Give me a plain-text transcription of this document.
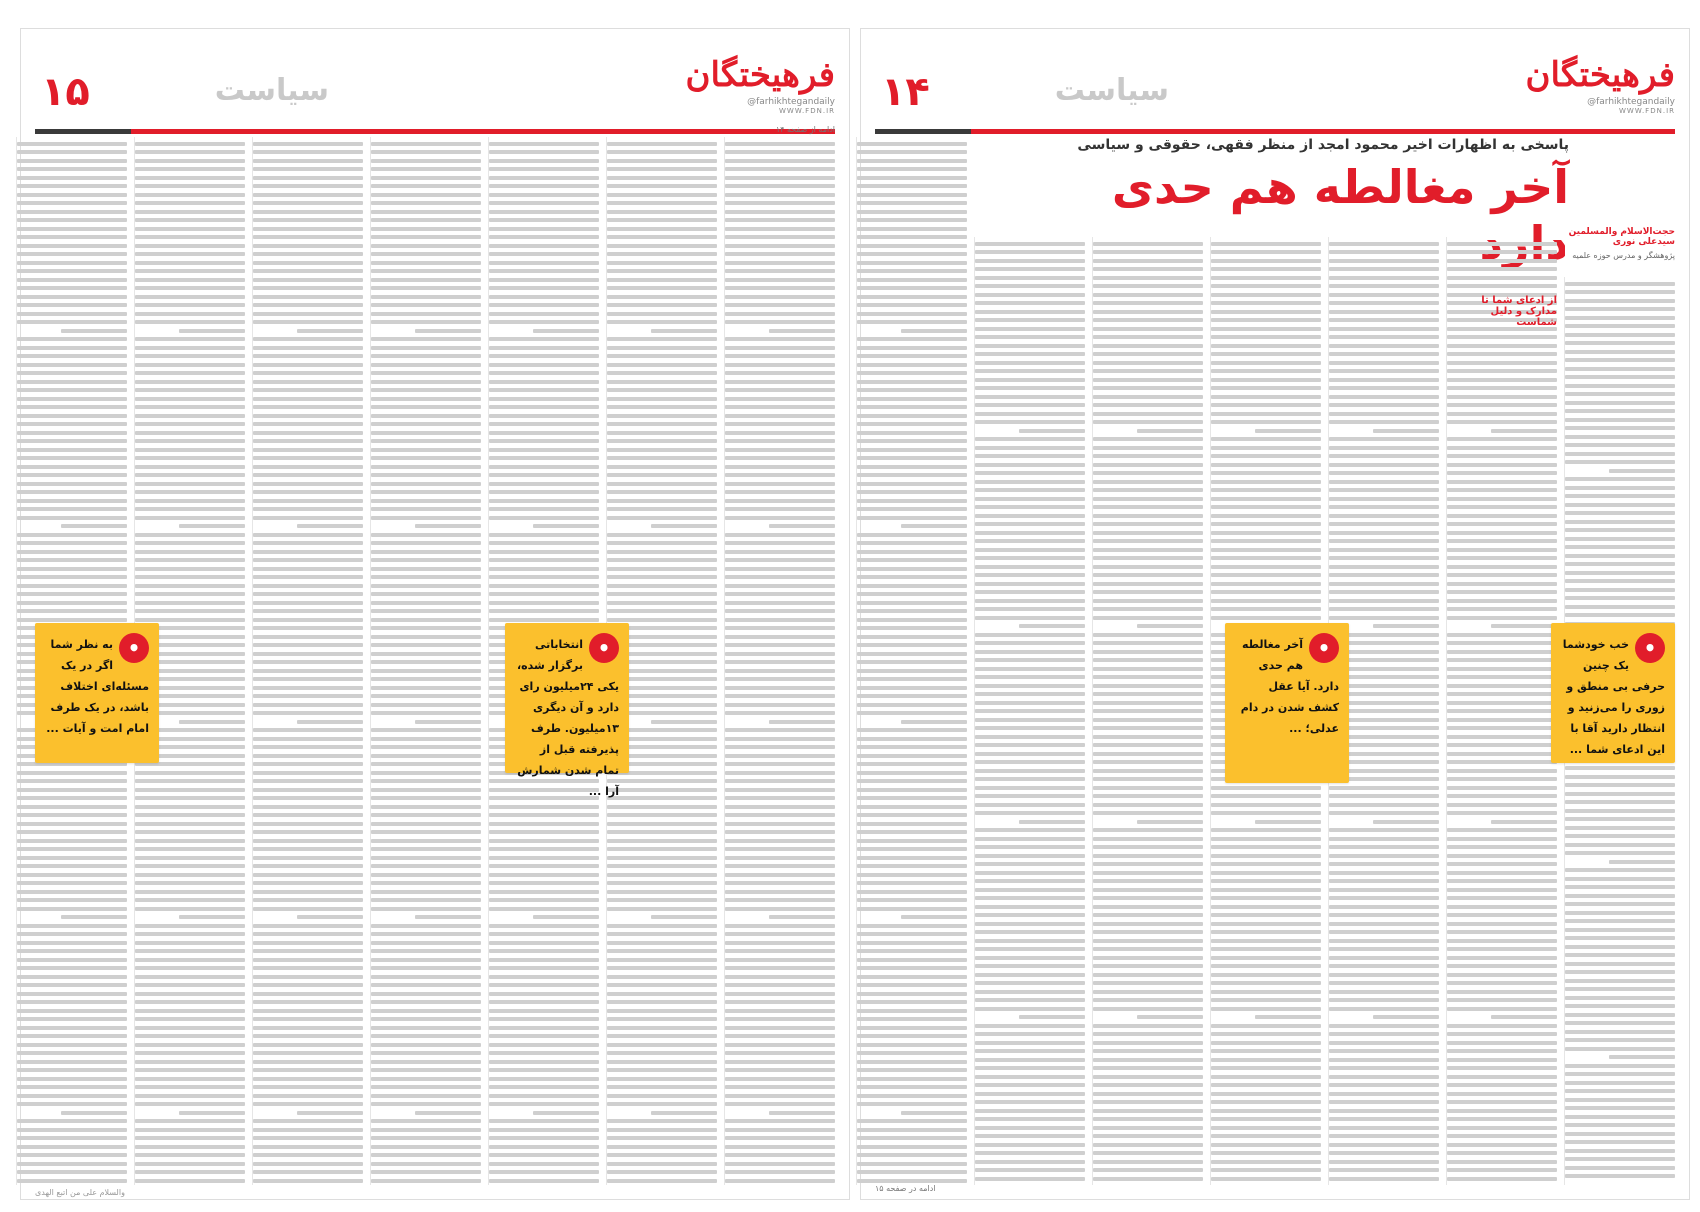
فرهیختگان
@farhikhtegandaily
WWW.FDN.IR
سیاست
۱۴
پاسخی به اظهارات اخیر محمود امجد از منظر فقهی، حقوقی و سیاسی
آخر مغالطه هم حدی
حجت‌الاسلام والمسلمین سیدعلی نوری
پژوهشگر و مدرس حوزه علمیه
از ادعای شما تا مدارک و دلیل شماست
•
خب خودشما یک چنین حرفی بی منطق و زوری را می‌زنید و انتظار دارید آقا با این ادعای شما ...
•
آخر مغالطه هم حدی دارد. آیا عقل کشف شدن در دام عدلی؛ ...
ادامه در صفحه ۱۵
فرهیختگان
@farhikhtegandaily
WWW.FDN.IR
سیاست
۱۵
ادامه از صفحه ۱۴
•
انتخاباتی برگزار شده، یکی ۲۴میلیون رای دارد و آن دیگری ۱۳میلیون. طرف پذیرفته قبل از تمام شدن شمارش آرا ...
•
به نظر شما اگر در یک مسئله‌ای اختلاف باشد، در یک طرف امام امت و آیات ...
والسلام علی من اتبع الهدی
